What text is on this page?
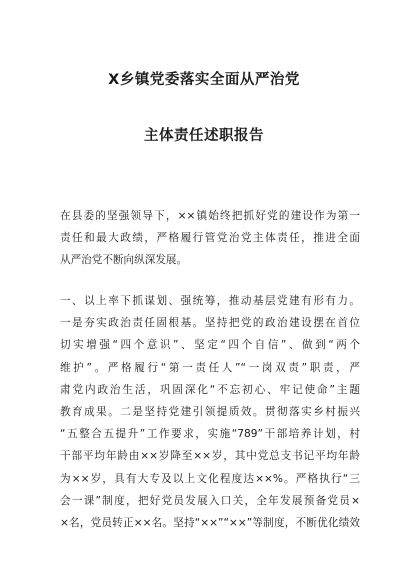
X乡镇党委落实全面从严治党
主体责任述职报告

在县委的坚强领导下，××镇始终把抓好党的建设作为第一
责任和最大政绩，严格履行管党治党主体责任，推进全面
从严治党不断向纵深发展。

一、以上率下抓谋划、强统筹，推动基层党建有形有力。
一是夯实政治责任固根基。坚持把党的政治建设摆在首位
切实增强“四个意识”、坚定“四个自信”、做到“两个
维护”。严格履行“第一责任人”“一岗双责”职责，严
肃党内政治生活，巩固深化“不忘初心、牢记使命”主题
教育成果。二是坚持党建引领提质效。贯彻落实乡村振兴
“五整合五提升”工作要求，实施“789”干部培养计划，村
干部平均年龄由××岁降至××岁，其中党总支书记平均年龄
为××岁，具有大专及以上文化程度达××%。严格执行“三
会一课”制度，把好党员发展入口关，全年发展预备党员×
×名，党员转正××名。坚持“××”“××”等制度，不断优化绩效
